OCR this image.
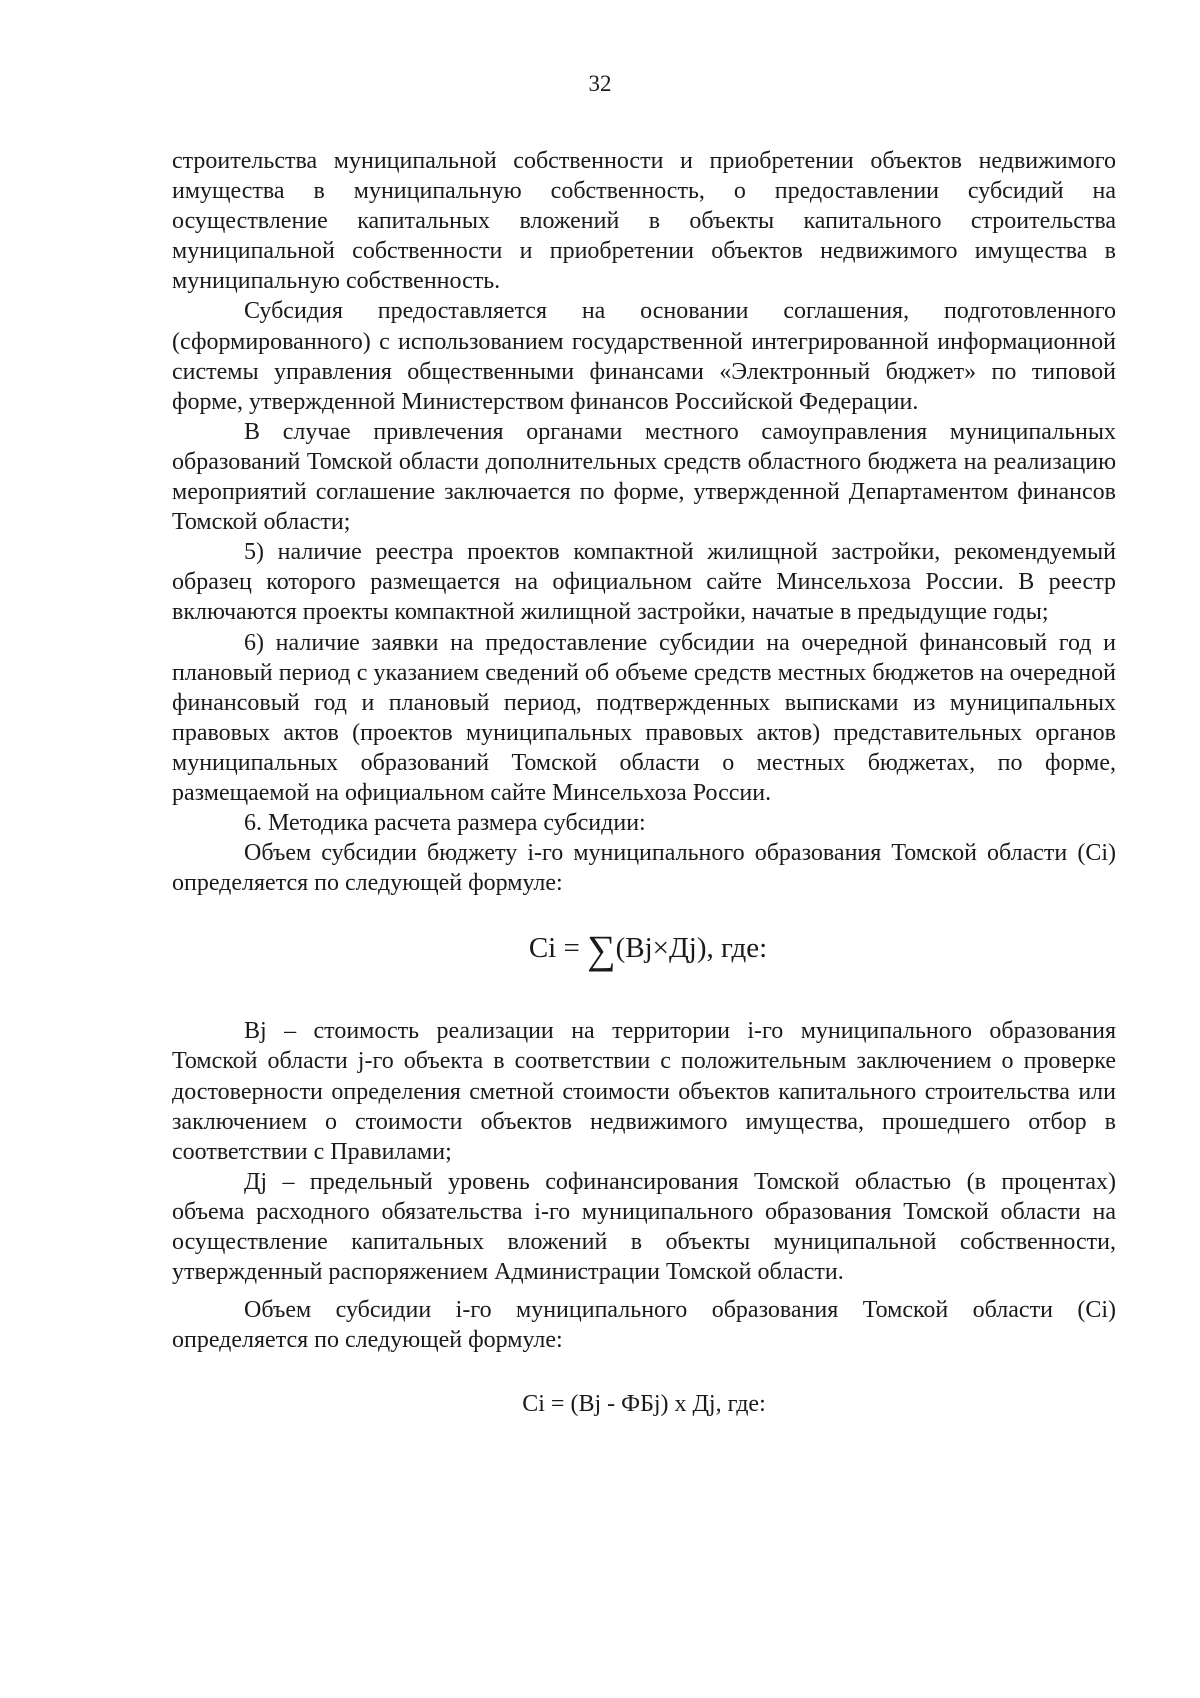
32

строительства муниципальной собственности и приобретении объектов недвижимого имущества в муниципальную собственность, о предоставлении субсидий на осуществление капитальных вложений в объекты капитального строительства муниципальной собственности и приобретении объектов недвижимого имущества в муниципальную собственность.

Субсидия предоставляется на основании соглашения, подготовленного (сформированного) с использованием государственной интегрированной информационной системы управления общественными финансами «Электронный бюджет» по типовой форме, утвержденной Министерством финансов Российской Федерации.

В случае привлечения органами местного самоуправления муниципальных образований Томской области дополнительных средств областного бюджета на реализацию мероприятий соглашение заключается по форме, утвержденной Департаментом финансов Томской области;

5) наличие реестра проектов компактной жилищной застройки, рекомендуемый образец которого размещается на официальном сайте Минсельхоза России. В реестр включаются проекты компактной жилищной застройки, начатые в предыдущие годы;

6) наличие заявки на предоставление субсидии на очередной финансовый год и плановый период с указанием сведений об объеме средств местных бюджетов на очередной финансовый год и плановый период, подтвержденных выписками из муниципальных правовых актов (проектов муниципальных правовых актов) представительных органов муниципальных образований Томской области о местных бюджетах, по форме, размещаемой на официальном сайте Минсельхоза России.

6. Методика расчета размера субсидии:

Объем субсидии бюджету i-го муниципального образования Томской области (Ci) определяется по следующей формуле:

Ci = ∑(Bj×Дj), где:

Bj – стоимость реализации на территории i-го муниципального образования Томской области j-го объекта в соответствии с положительным заключением о проверке достоверности определения сметной стоимости объектов капитального строительства или заключением о стоимости объектов недвижимого имущества, прошедшего отбор в соответствии с Правилами;

Дj – предельный уровень софинансирования Томской областью (в процентах) объема расходного обязательства i-го муниципального образования Томской области на осуществление капитальных вложений в объекты муниципальной собственности, утвержденный распоряжением Администрации Томской области.

Объем субсидии i-го муниципального образования Томской области (Ci) определяется по следующей формуле:

Ci = (Bj - ФБj) х Дj, где:
